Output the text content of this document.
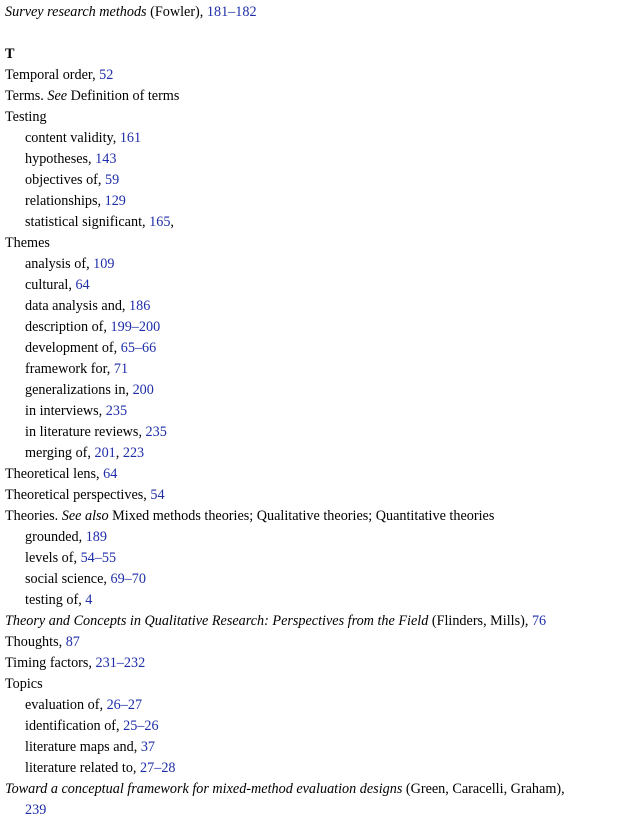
Survey research methods (Fowler), 181–182
T
Temporal order, 52
Terms. See Definition of terms
Testing
content validity, 161
hypotheses, 143
objectives of, 59
relationships, 129
statistical significant, 165,
Themes
analysis of, 109
cultural, 64
data analysis and, 186
description of, 199–200
development of, 65–66
framework for, 71
generalizations in, 200
in interviews, 235
in literature reviews, 235
merging of, 201, 223
Theoretical lens, 64
Theoretical perspectives, 54
Theories. See also Mixed methods theories; Qualitative theories; Quantitative theories
grounded, 189
levels of, 54–55
social science, 69–70
testing of, 4
Theory and Concepts in Qualitative Research: Perspectives from the Field (Flinders, Mills), 76
Thoughts, 87
Timing factors, 231–232
Topics
evaluation of, 26–27
identification of, 25–26
literature maps and, 37
literature related to, 27–28
Toward a conceptual framework for mixed-method evaluation designs (Green, Caracelli, Graham),
239
